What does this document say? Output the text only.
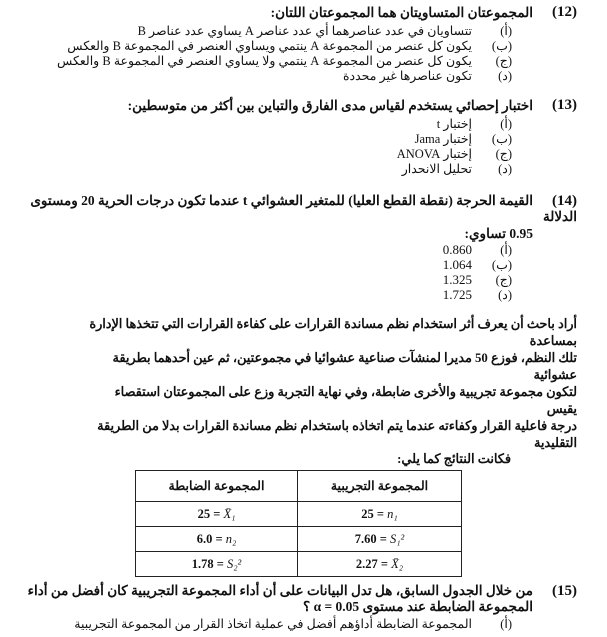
(12)
المجموعتان المتساويتان هما المجموعتان اللتان:
(أ)
تتساويان في عدد عناصرهما أي عدد عناصر A يساوي عدد عناصر B
(ب)
يكون كل عنصر من المجموعة A ينتمي ويساوي العنصر في المجموعة B والعكس
(ج)
يكون كل عنصر من المجموعة A ينتمي ولا يساوي العنصر في المجموعة B والعكس
(د)
تكون عناصرها غير محددة
(13)
اختبار إحصائي يستخدم لقياس مدى الفارق والتباين بين أكثر من متوسطين:
(أ)
إختبار t
(ب)
إختبار Jama
(ج)
إختبار ANOVA
(د)
تحليل الانحدار
(14)
القيمة الحرجة (نقطة القطع العليا) للمتغير العشوائي t عندما تكون درجات الحرية 20 ومستوى
الدلالة
0.95 تساوي:
(أ)
0.860
(ب)
1.064
(ج)
1.325
(د)
1.725
أراد باحث أن يعرف أثر استخدام نظم مساندة القرارات على كفاءة القرارات التي تتخذها الإدارة
بمساعدة
تلك النظم، فوزع 50 مديرا لمنشآت صناعية عشوائيا في مجموعتين، ثم عين أحدهما بطريقة
عشوائية
لتكون مجموعة تجريبية والأخرى ضابطة، وفي نهاية التجربة وزع على المجموعتان استقصاء
يقيس
درجة فاعلية القرار وكفاءته عندما يتم اتخاذه باستخدام نظم مساندة القرارات بدلا من الطريقة
التقليدية
فكانت النتائج كما يلي:
المجموعة التجريبية	المجموعة الضابطة
25 = n₁	25 = X̄₁
7.60 = S₁²	6.0 = n₂
2.27 = X̄₂	1.78 = S₂²
(15)
من خلال الجدول السابق، هل تدل البيانات على أن أداء المجموعة التجريبية كان أفضل من أداء
المجموعة الضابطة عند مستوى α = 0.05 ؟
(أ)
المجموعة الضابطة أداؤهم أفضل في عملية اتخاذ القرار من المجموعة التجريبية
